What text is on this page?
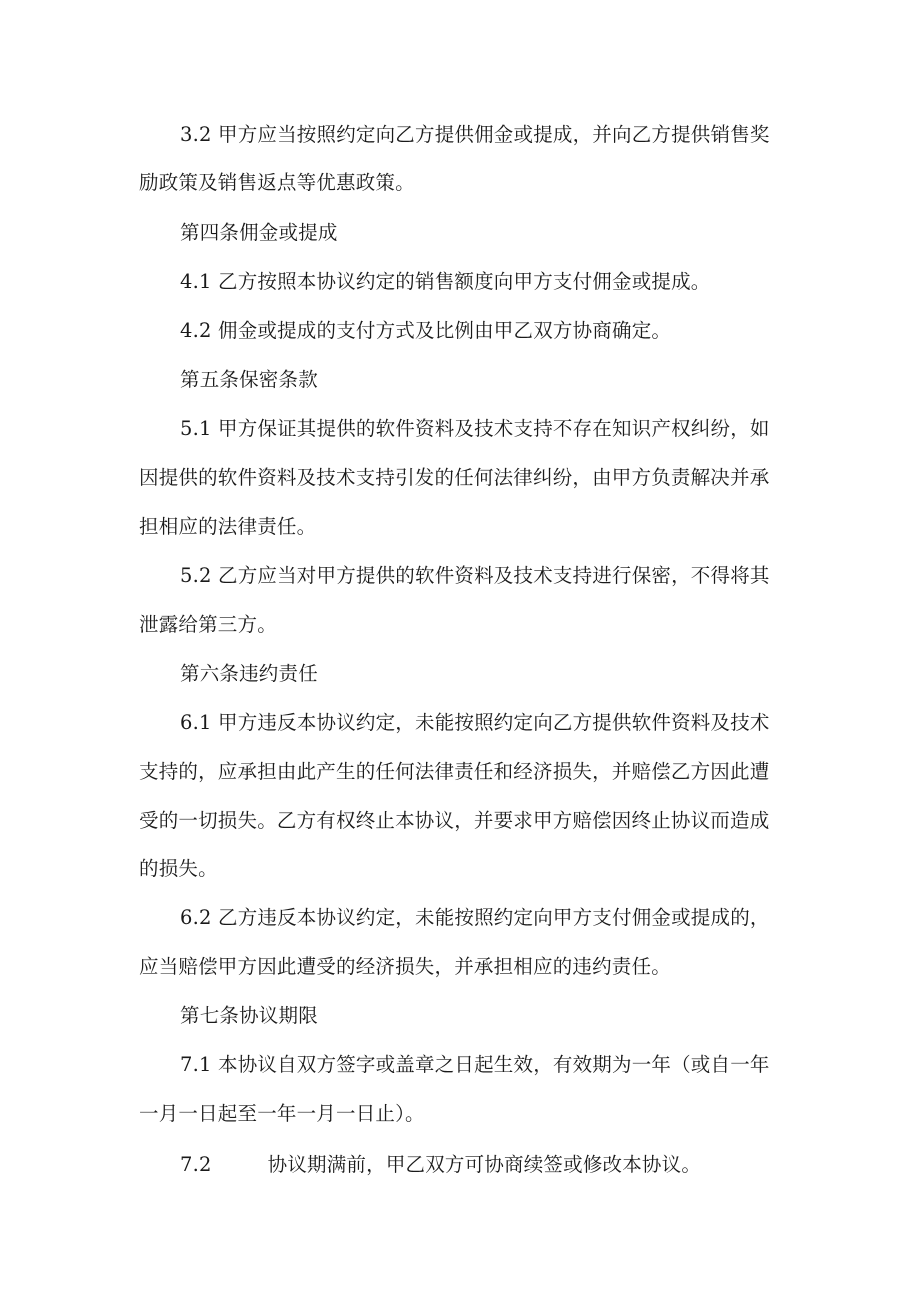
3.2 甲方应当按照约定向乙方提供佣金或提成，并向乙方提供销售奖
励政策及销售返点等优惠政策。
第四条佣金或提成
4.1 乙方按照本协议约定的销售额度向甲方支付佣金或提成。
4.2 佣金或提成的支付方式及比例由甲乙双方协商确定。
第五条保密条款
5.1 甲方保证其提供的软件资料及技术支持不存在知识产权纠纷，如
因提供的软件资料及技术支持引发的任何法律纠纷，由甲方负责解决并承
担相应的法律责任。
5.2 乙方应当对甲方提供的软件资料及技术支持进行保密，不得将其
泄露给第三方。
第六条违约责任
6.1 甲方违反本协议约定，未能按照约定向乙方提供软件资料及技术
支持的，应承担由此产生的任何法律责任和经济损失，并赔偿乙方因此遭
受的一切损失。乙方有权终止本协议，并要求甲方赔偿因终止协议而造成
的损失。
6.2 乙方违反本协议约定，未能按照约定向甲方支付佣金或提成的，
应当赔偿甲方因此遭受的经济损失，并承担相应的违约责任。
第七条协议期限
7.1 本协议自双方签字或盖章之日起生效，有效期为一年（或自一年
一月一日起至一年一月一日止）。
7.2	协议期满前，甲乙双方可协商续签或修改本协议。
